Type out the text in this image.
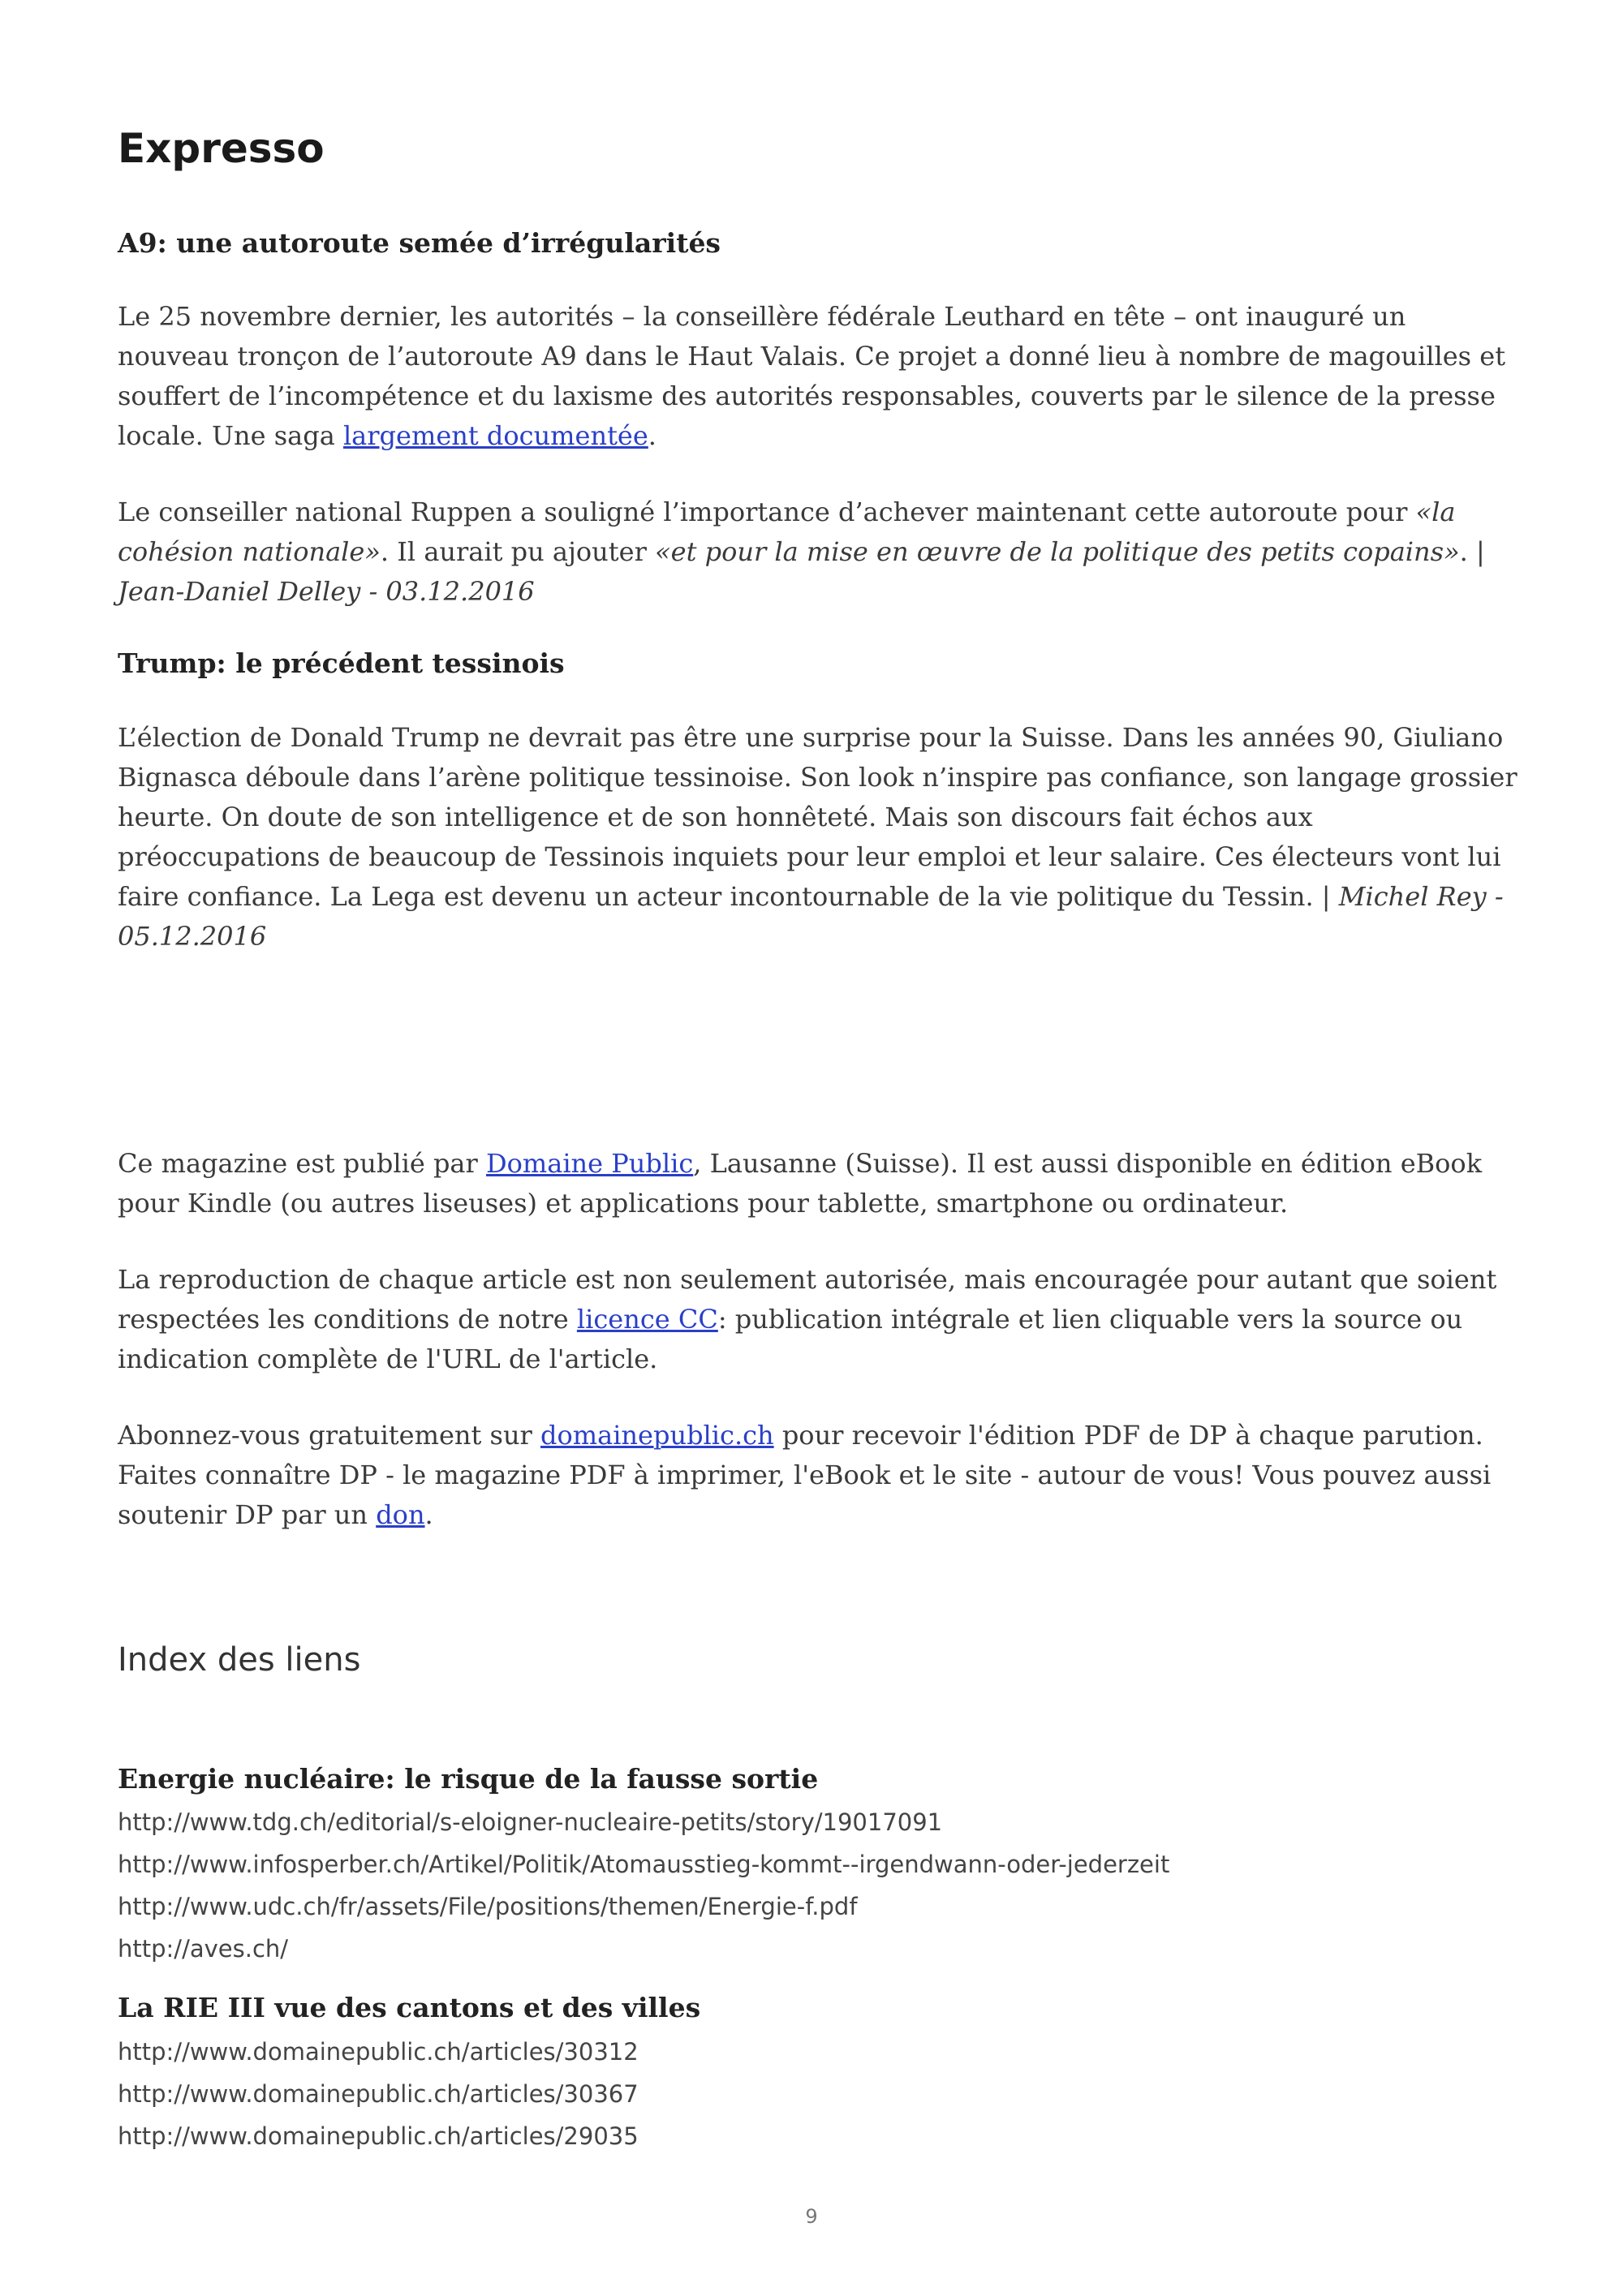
Expresso
A9: une autoroute semée d’irrégularités

Le 25 novembre dernier, les autorités – la conseillère fédérale Leuthard en tête – ont inauguré un nouveau tronçon de l’autoroute A9 dans le Haut Valais. Ce projet a donné lieu à nombre de magouilles et souffert de l’incompétence et du laxisme des autorités responsables, couverts par le silence de la presse locale. Une saga largement documentée.

Le conseiller national Ruppen a souligné l’importance d’achever maintenant cette autoroute pour «la cohésion nationale». Il aurait pu ajouter «et pour la mise en œuvre de la politique des petits copains». | Jean-Daniel Delley - 03.12.2016

Trump: le précédent tessinois

L’élection de Donald Trump ne devrait pas être une surprise pour la Suisse. Dans les années 90, Giuliano Bignasca déboule dans l’arène politique tessinoise. Son look n’inspire pas confiance, son langage grossier heurte. On doute de son intelligence et de son honnêteté. Mais son discours fait échos aux préoccupations de beaucoup de Tessinois inquiets pour leur emploi et leur salaire. Ces électeurs vont lui faire confiance. La Lega est devenu un acteur incontournable de la vie politique du Tessin. | Michel Rey - 05.12.2016

Ce magazine est publié par Domaine Public, Lausanne (Suisse). Il est aussi disponible en édition eBook pour Kindle (ou autres liseuses) et applications pour tablette, smartphone ou ordinateur.

La reproduction de chaque article est non seulement autorisée, mais encouragée pour autant que soient respectées les conditions de notre licence CC: publication intégrale et lien cliquable vers la source ou indication complète de l'URL de l'article.

Abonnez-vous gratuitement sur domainepublic.ch pour recevoir l'édition PDF de DP à chaque parution. Faites connaître DP - le magazine PDF à imprimer, l'eBook et le site - autour de vous! Vous pouvez aussi soutenir DP par un don.

Index des liens
Energie nucléaire: le risque de la fausse sortie
http://www.tdg.ch/editorial/s-eloigner-nucleaire-petits/story/19017091
http://www.infosperber.ch/Artikel/Politik/Atomausstieg-kommt--irgendwann-oder-jederzeit
http://www.udc.ch/fr/assets/File/positions/themen/Energie-f.pdf
http://aves.ch/
La RIE III vue des cantons et des villes
http://www.domainepublic.ch/articles/30312
http://www.domainepublic.ch/articles/30367
http://www.domainepublic.ch/articles/29035
9
